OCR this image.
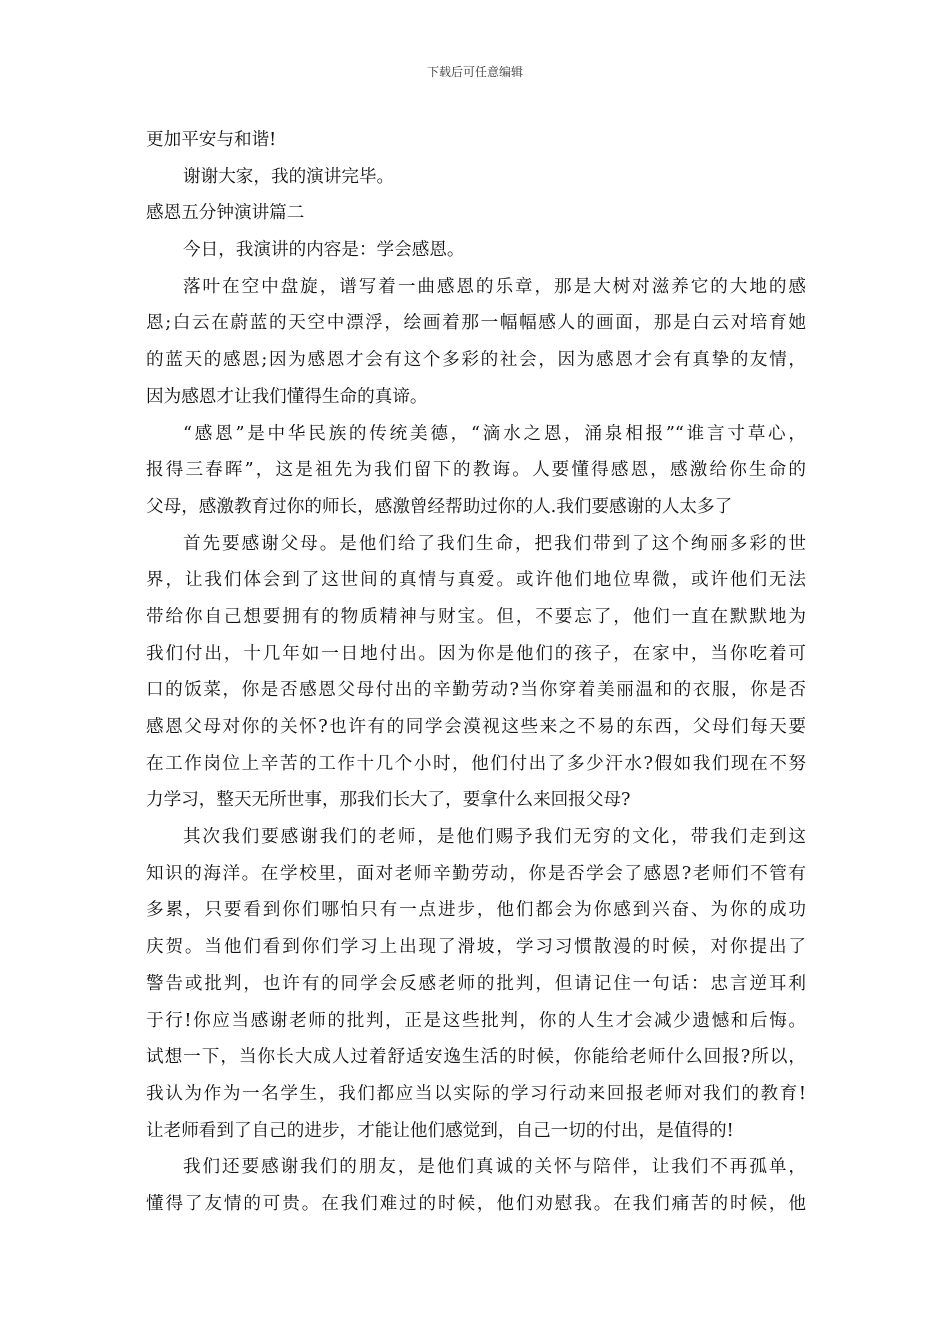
下载后可任意编辑
更加平安与和谐!
谢谢大家，我的演讲完毕。
感恩五分钟演讲篇二
今日，我演讲的内容是：学会感恩。
落叶在空中盘旋，谱写着一曲感恩的乐章，那是大树对滋养它的大地的感
恩;白云在蔚蓝的天空中漂浮，绘画着那一幅幅感人的画面，那是白云对培育她
的蓝天的感恩;因为感恩才会有这个多彩的社会，因为感恩才会有真挚的友情，
因为感恩才让我们懂得生命的真谛。
“感恩”是中华民族的传统美德，“滴水之恩，涌泉相报”“谁言寸草心，
报得三春晖”，这是祖先为我们留下的教诲。人要懂得感恩，感激给你生命的
父母，感激教育过你的师长，感激曾经帮助过你的人.我们要感谢的人太多了
首先要感谢父母。是他们给了我们生命，把我们带到了这个绚丽多彩的世
界，让我们体会到了这世间的真情与真爱。或许他们地位卑微，或许他们无法
带给你自己想要拥有的物质精神与财宝。但，不要忘了，他们一直在默默地为
我们付出，十几年如一日地付出。因为你是他们的孩子，在家中，当你吃着可
口的饭菜，你是否感恩父母付出的辛勤劳动?当你穿着美丽温和的衣服，你是否
感恩父母对你的关怀?也许有的同学会漠视这些来之不易的东西，父母们每天要
在工作岗位上辛苦的工作十几个小时，他们付出了多少汗水?假如我们现在不努
力学习，整天无所世事，那我们长大了，要拿什么来回报父母?
其次我们要感谢我们的老师，是他们赐予我们无穷的文化，带我们走到这
知识的海洋。在学校里，面对老师辛勤劳动，你是否学会了感恩?老师们不管有
多累，只要看到你们哪怕只有一点进步，他们都会为你感到兴奋、为你的成功
庆贺。当他们看到你们学习上出现了滑坡，学习习惯散漫的时候，对你提出了
警告或批判，也许有的同学会反感老师的批判，但请记住一句话：忠言逆耳利
于行!你应当感谢老师的批判，正是这些批判，你的人生才会减少遗憾和后悔。
试想一下，当你长大成人过着舒适安逸生活的时候，你能给老师什么回报?所以，
我认为作为一名学生，我们都应当以实际的学习行动来回报老师对我们的教育!
让老师看到了自己的进步，才能让他们感觉到，自己一切的付出，是值得的!
我们还要感谢我们的朋友，是他们真诚的关怀与陪伴，让我们不再孤单，
懂得了友情的可贵。在我们难过的时候，他们劝慰我。在我们痛苦的时候，他
